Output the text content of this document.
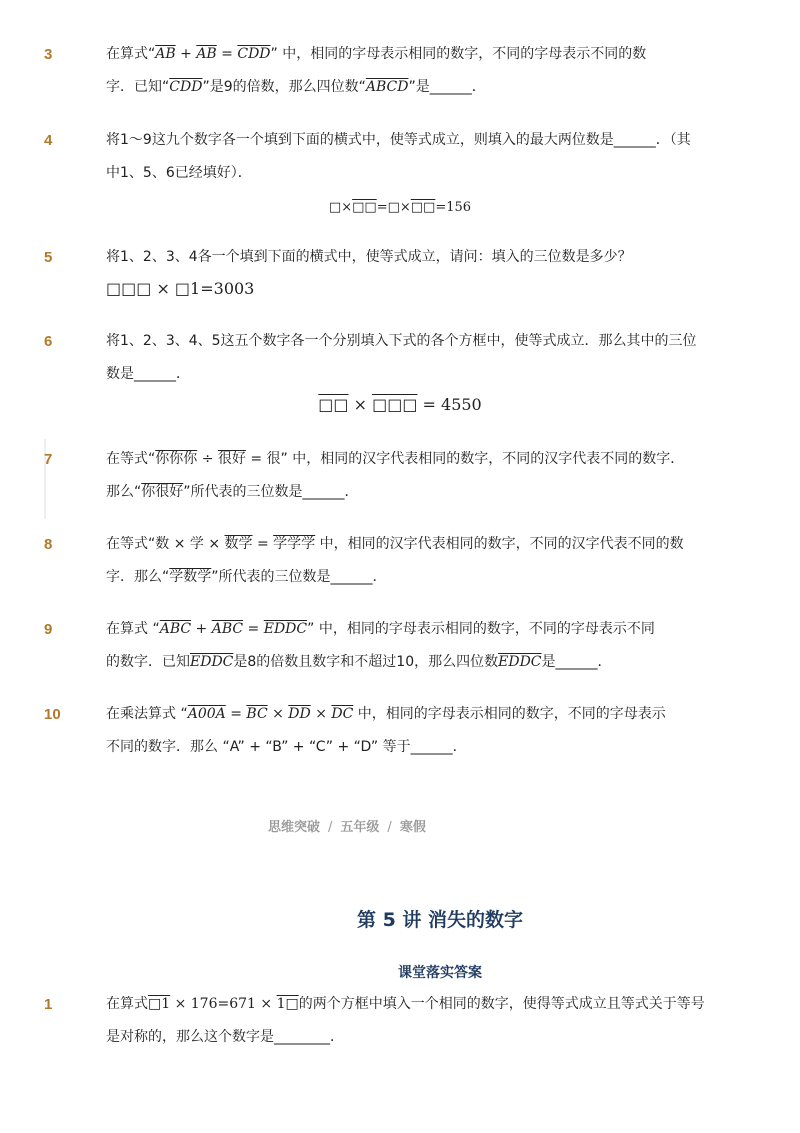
3	在算式“$\overline{AB} + \overline{AB} = \overline{CDD}$” 中，相同的字母表示相同的数字，不同的字母表示不同的数
字．已知“$\overline{CDD}$”是9的倍数，那么四位数“ABCD”是______．
4	将1～9这九个数字各一个填到下面的横式中，使等式成立，则填入的最大两位数是______．（其
中1、5、6已经填好）．
□×□□=□×□□=156
5	将1、2、3、4各一个填到下面的横式中，使等式成立，请问：填入的三位数是多少？
□□□ × □1=3003
6	将1、2、3、4、5这五个数字各一个分别填入下式的各个方框中，使等式成立．那么其中的三位
数是______．
□□ × □□□ = 4550
7	在等式“你你你 ÷ 很好 = 很” 中，相同的汉字代表相同的数字，不同的汉字代表不同的数字．
那么“你很好”所代表的三位数是______．
8	在等式“数 × 学 × 数学 = 学学学 中，相同的汉字代表相同的数字，不同的汉字代表不同的数
字．那么“学数学”所代表的三位数是______．
9	在算式 “$\overline{ABC} + \overline{ABC}$ = EDDC” 中，相同的字母表示相同的数字，不同的字母表示不同
的数字．已知EDDC是8的倍数且数字和不超过10，那么四位数EDDC是______．
10	在乘法算式 “$A00A = \overline{BC} \times \overline{DD} \times \overline{DC}$ 中，相同的字母表示相同的数字，不同的字母表示
不同的数字．那么 “A” + “B” + “C” + “D” 等于______．
思维突破 / 五年级 / 寒假
第 5 讲 消失的数字
课堂落实答案
1	在算式□1 × 176=671 × 1□的两个方框中填入一个相同的数字，使得等式成立且等式关于等号
是对称的，那么这个数字是________．
